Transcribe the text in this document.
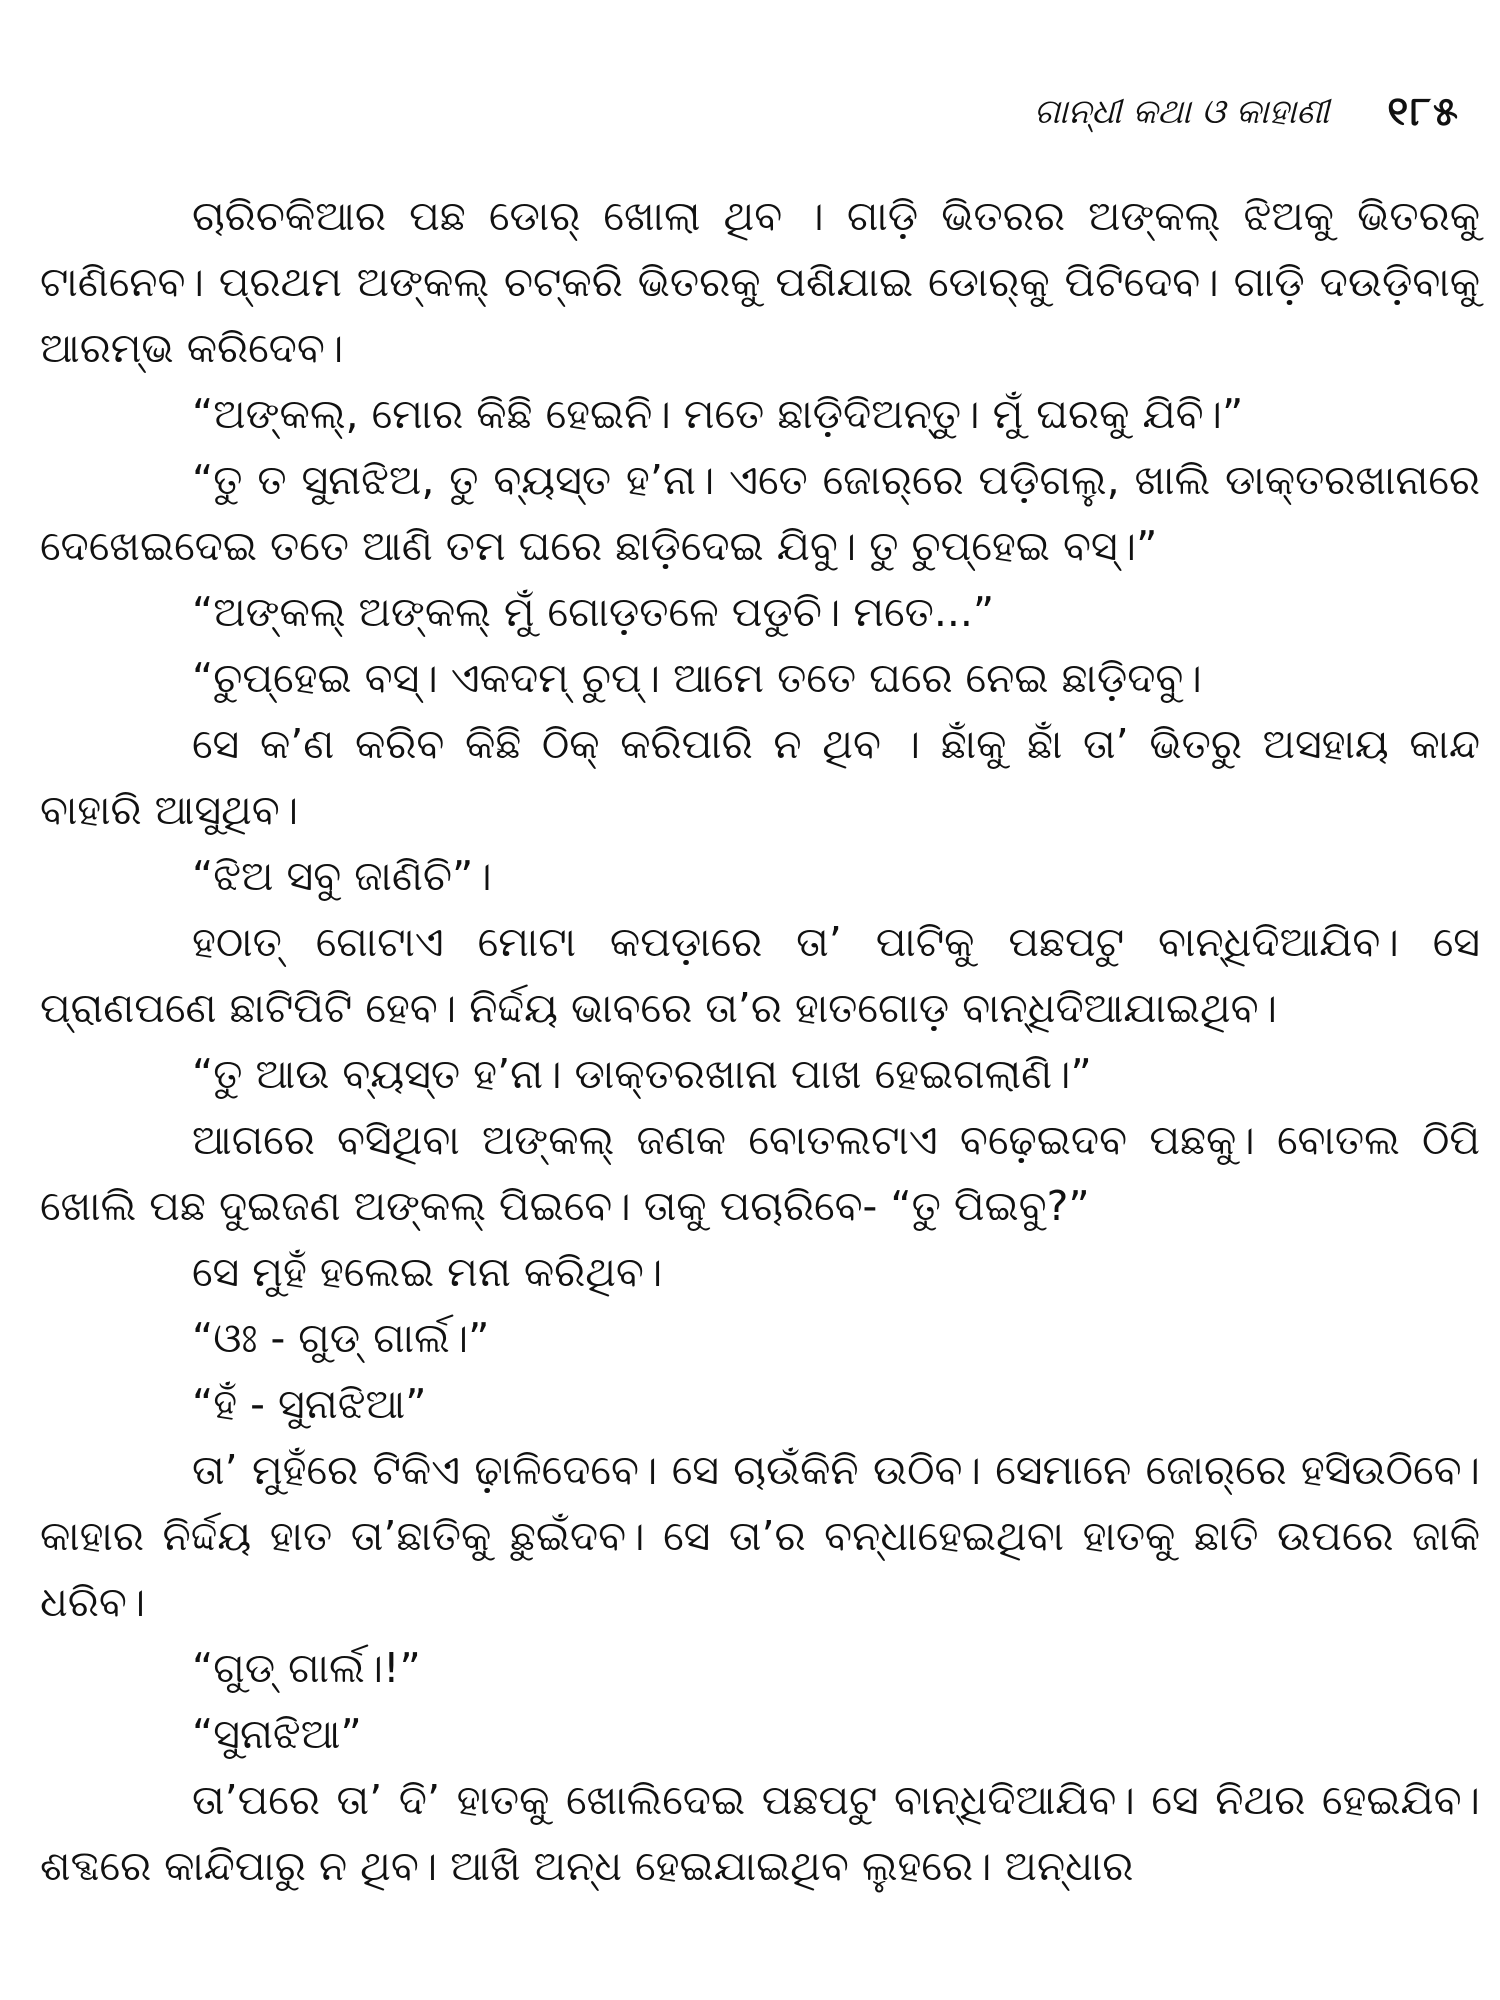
ଗାନ୍ଧୀ କଥା ଓ କାହାଣୀ ୧୮୫

ଚାରିଚକିଆର ପଛ ଡୋର୍ ଖୋଲା ଥିବ । ଗାଡ଼ି ଭିତରର ଅଙ୍କଲ୍ ଝିଅକୁ ଭିତରକୁ ଟାଣିନେବ। ପ୍ରଥମ ଅଙ୍କଲ୍ ଚଟ୍‌କରି ଭିତରକୁ ପଶିଯାଇ ଡୋର୍‌କୁ ପିଟିଦେବ। ଗାଡ଼ି ଦଉଡ଼ିବାକୁ ଆରମ୍ଭ କରିଦେବ।

“ଅଙ୍କଲ୍, ମୋର କିଛି ହେଇନି। ମତେ ଛାଡ଼ିଦିଅନ୍ତୁ। ମୁଁ ଘରକୁ ଯିବି।”

“ତୁ ତ ସୁନାଝିଅ, ତୁ ବ୍ୟସ୍ତ ହ’ନା। ଏତେ ଜୋର୍‌ରେ ପଡ଼ିଗଲୁ, ଖାଲି ଡାକ୍ତରଖାନାରେ ଦେଖେଇଦେଇ ତତେ ଆଣି ତମ ଘରେ ଛାଡ଼ିଦେଇ ଯିବୁ। ତୁ ଚୁପ୍‌ହେଇ ବସ୍।”

“ଅଙ୍କଲ୍ ଅଙ୍କଲ୍ ମୁଁ ଗୋଡ଼ତଳେ ପଡୁଚି। ମତେ...”

“ଚୁପ୍‌ହେଇ ବସ୍। ଏକଦମ୍ ଚୁପ୍। ଆମେ ତତେ ଘରେ ନେଇ ଛାଡ଼ିଦବୁ।

ସେ କ’ଣ କରିବ କିଛି ଠିକ୍ କରିପାରି ନ ଥିବ । ଛାଁକୁ ଛାଁ ତା’ ଭିତରୁ ଅସହାୟ କାନ୍ଦ ବାହାରି ଆସୁଥିବ।

“ଝିଅ ସବୁ ଜାଣିଚି”।

ହଠାତ୍ ଗୋଟାଏ ମୋଟା କପଡ଼ାରେ ତା’ ପାଟିକୁ ପଛପଟୁ ବାନ୍ଧିଦିଆଯିବ। ସେ ପ୍ରାଣପଣେ ଛାଟିପିଟି ହେବ। ନିର୍ଦ୍ଦୟ ଭାବରେ ତା’ର ହାତଗୋଡ଼ ବାନ୍ଧିଦିଆଯାଇଥିବ।

“ତୁ ଆଉ ବ୍ୟସ୍ତ ହ’ନା। ଡାକ୍ତରଖାନା ପାଖ ହେଇଗଲାଣି।”

ଆଗରେ ବସିଥିବା ଅଙ୍କଲ୍ ଜଣକ ବୋତଲଟାଏ ବଢ଼େଇଦବ ପଛକୁ। ବୋତଲ ଠିପି ଖୋଲି ପଛ ଦୁଇଜଣ ଅଙ୍କଲ୍ ପିଇବେ। ତାକୁ ପଚାରିବେ- “ତୁ ପିଇବୁ?”

ସେ ମୁହଁ ହଲେଇ ମନା କରିଥିବ।

“ଓଃ - ଗୁଡ୍ ଗାର୍ଲ।”

“ହଁ - ସୁନାଝିଆ”

ତା’ ମୁହଁରେ ଟିକିଏ ଢ଼ାଳିଦେବେ। ସେ ଚାଉଁକିନି ଉଠିବ। ସେମାନେ ଜୋର୍‌ରେ ହସିଉଠିବେ। କାହାର ନିର୍ଦ୍ଦୟ ହାତ ତା’ଛାତିକୁ ଛୁଇଁଦବ। ସେ ତା’ର ବନ୍ଧାହେଇଥିବା ହାତକୁ ଛାତି ଉପରେ ଜାକି ଧରିବ।

“ଗୁଡ୍ ଗାର୍ଲ।!”

“ସୁନାଝିଆ”

ତା’ପରେ ତା’ ଦି’ ହାତକୁ ଖୋଲିଦେଇ ପଛପଟୁ ବାନ୍ଧିଦିଆଯିବ। ସେ ନିଥର ହେଇଯିବ। ଶବ୍ଦରେ କାନ୍ଦିପାରୁ ନ ଥିବ। ଆଖି ଅନ୍ଧ ହେଇଯାଇଥିବ ଲୁହରେ। ଅନ୍ଧାର
